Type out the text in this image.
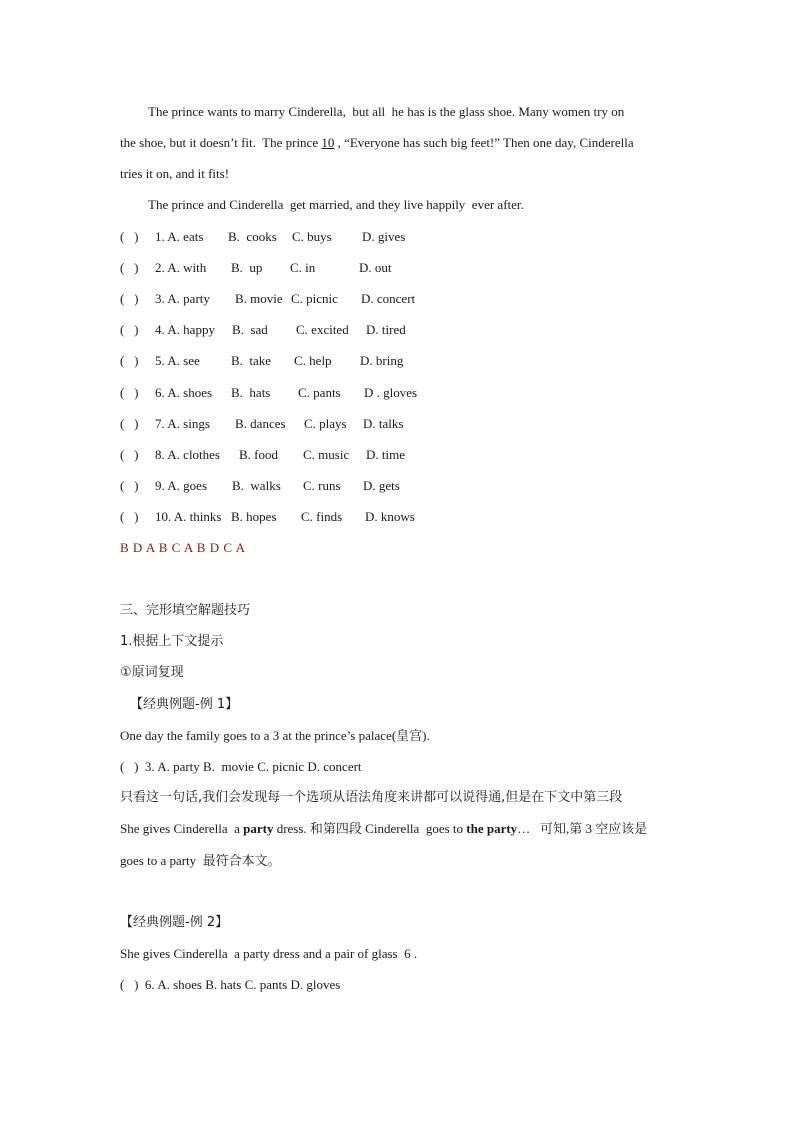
The prince wants to marry Cinderella,  but all  he has is the glass shoe. Many women try on
the shoe, but it doesn’t fit.  The prince 10 , “Everyone has such big feet!” Then one day, Cinderella
tries it on, and it fits!
The prince and Cinderella  get married, and they live happily  ever after.

(   )

1. A. eats

B.  cooks

C. buys

D. gives

(   )

2. A. with

B.  up

C. in

	D. out

(   )

3. A. party

B. movie

C. picnic

D. concert

(   )

4. A. happy

B.  sad

C. excited

D. tired

(   )

5. A. see

B.  take

C. help

D. bring

(   )

6. A. shoes

B.  hats

C. pants

D . gloves

(   )

7. A. sings

B. dances

C. plays

D. talks

(   )

8. A. clothes

B. food

C. music

D. time

(   )

9. A. goes

B.  walks

C. runs

D. gets

(   )

10. A. thinks

B. hopes

C. finds

D. knows

B D A B C A B D C A
三、完形填空解题技巧
1.根据上下文提示
①原词复现
【经典例题-例 1】
One day the family goes to a 3 at the prince’s palace(皇宫).
(   )  3. A. party B.  movie C. picnic D. concert
只看这一句话,我们会发现每一个选项从语法角度来讲都可以说得通,但是在下文中第三段
She gives Cinderella  a party dress. 和第四段 Cinderella  goes to the party…   可知,第 3 空应该是
goes to a party  最符合本文。
【经典例题-例 2】
She gives Cinderella  a party dress and a pair of glass  6 .
(   )  6. A. shoes B. hats C. pants D. gloves
